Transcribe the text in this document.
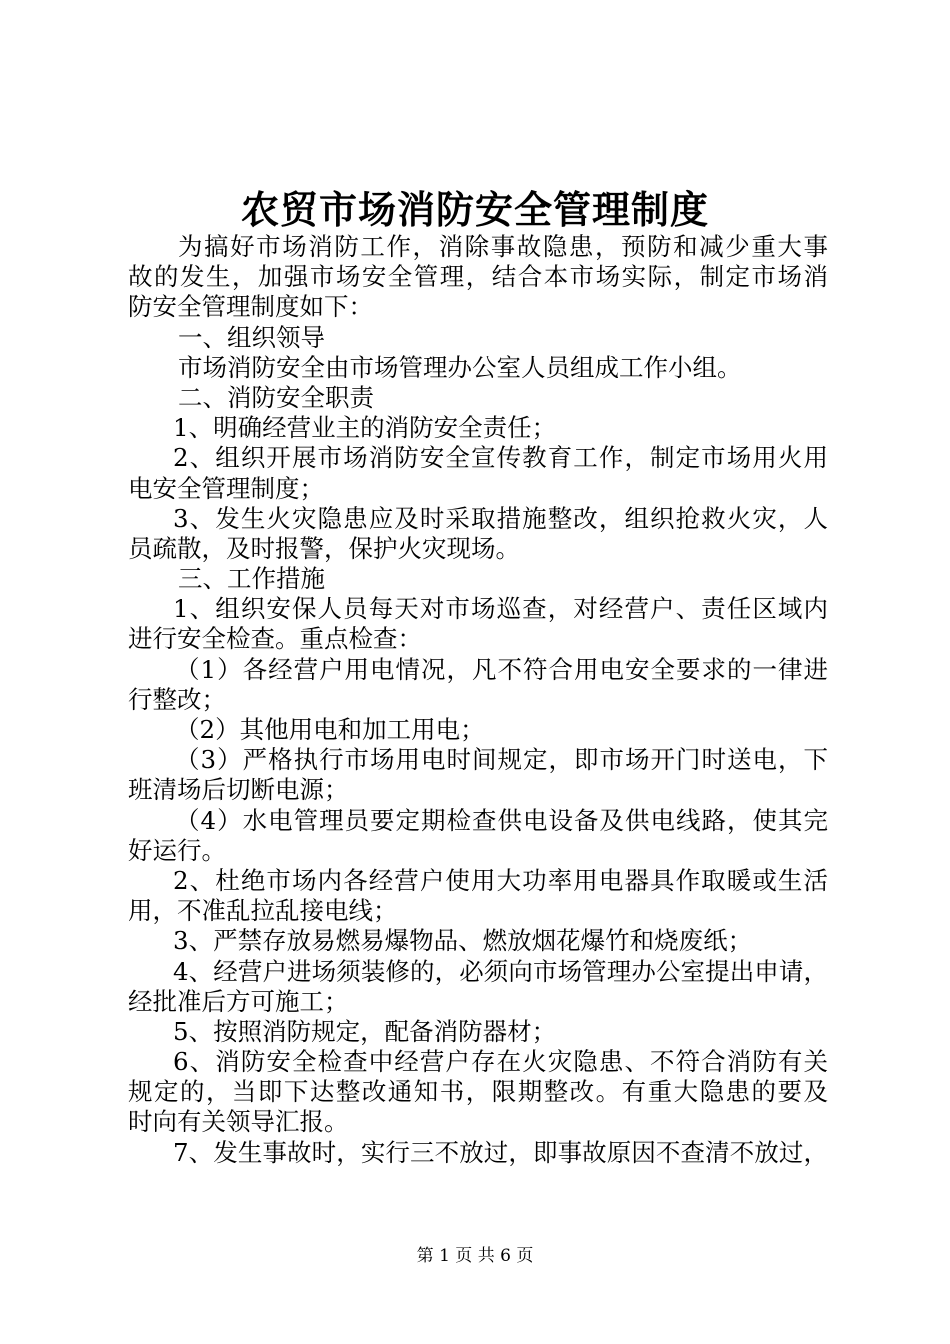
农贸市场消防安全管理制度
为搞好市场消防工作，消除事故隐患，预防和减少重大事
故的发生，加强市场安全管理，结合本市场实际，制定市场消
防安全管理制度如下：
一、组织领导
市场消防安全由市场管理办公室人员组成工作小组。
二、消防安全职责
1、明确经营业主的消防安全责任；
2、组织开展市场消防安全宣传教育工作，制定市场用火用
电安全管理制度；
3、发生火灾隐患应及时采取措施整改，组织抢救火灾，人
员疏散，及时报警，保护火灾现场。
三、工作措施
1、组织安保人员每天对市场巡查，对经营户、责任区域内
进行安全检查。重点检查：
（1）各经营户用电情况，凡不符合用电安全要求的一律进
行整改；
（2）其他用电和加工用电；
（3）严格执行市场用电时间规定，即市场开门时送电，下
班清场后切断电源；
（4）水电管理员要定期检查供电设备及供电线路，使其完
好运行。
2、杜绝市场内各经营户使用大功率用电器具作取暖或生活
用，不准乱拉乱接电线；
3、严禁存放易燃易爆物品、燃放烟花爆竹和烧废纸；
4、经营户进场须装修的，必须向市场管理办公室提出申请，
经批准后方可施工；
5、按照消防规定，配备消防器材；
6、消防安全检查中经营户存在火灾隐患、不符合消防有关
规定的，当即下达整改通知书，限期整改。有重大隐患的要及
时向有关领导汇报。
7、发生事故时，实行三不放过，即事故原因不查清不放过，
第 1 页 共 6 页
